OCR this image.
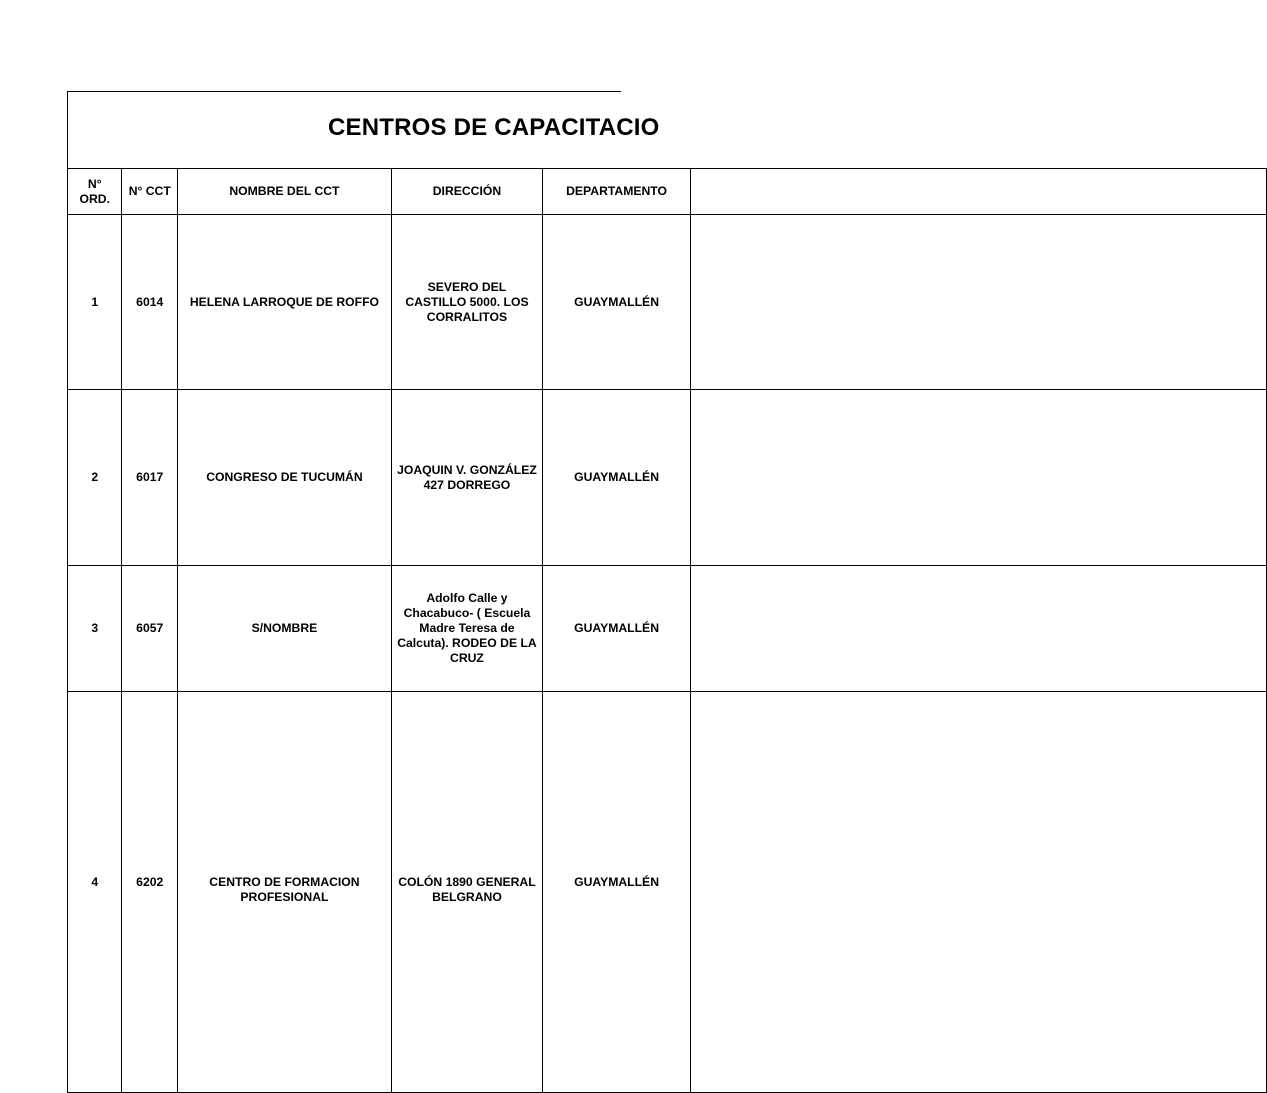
CENTROS DE CAPACITACIO
N° ORD.	N° CCT	NOMBRE DEL CCT	DIRECCIÓN	DEPARTAMENTO	
1	6014	HELENA LARROQUE DE ROFFO	SEVERO DEL CASTILLO 5000. LOS CORRALITOS	GUAYMALLÉN	
2	6017	CONGRESO DE TUCUMÁN	JOAQUIN V. GONZÁLEZ 427 DORREGO	GUAYMALLÉN	
3	6057	S/NOMBRE	Adolfo Calle y Chacabuco- ( Escuela Madre Teresa de Calcuta). RODEO DE LA CRUZ	GUAYMALLÉN	

4	6202	CENTRO DE FORMACION PROFESIONAL	COLÓN 1890 GENERAL BELGRANO	GUAYMALLÉN	
